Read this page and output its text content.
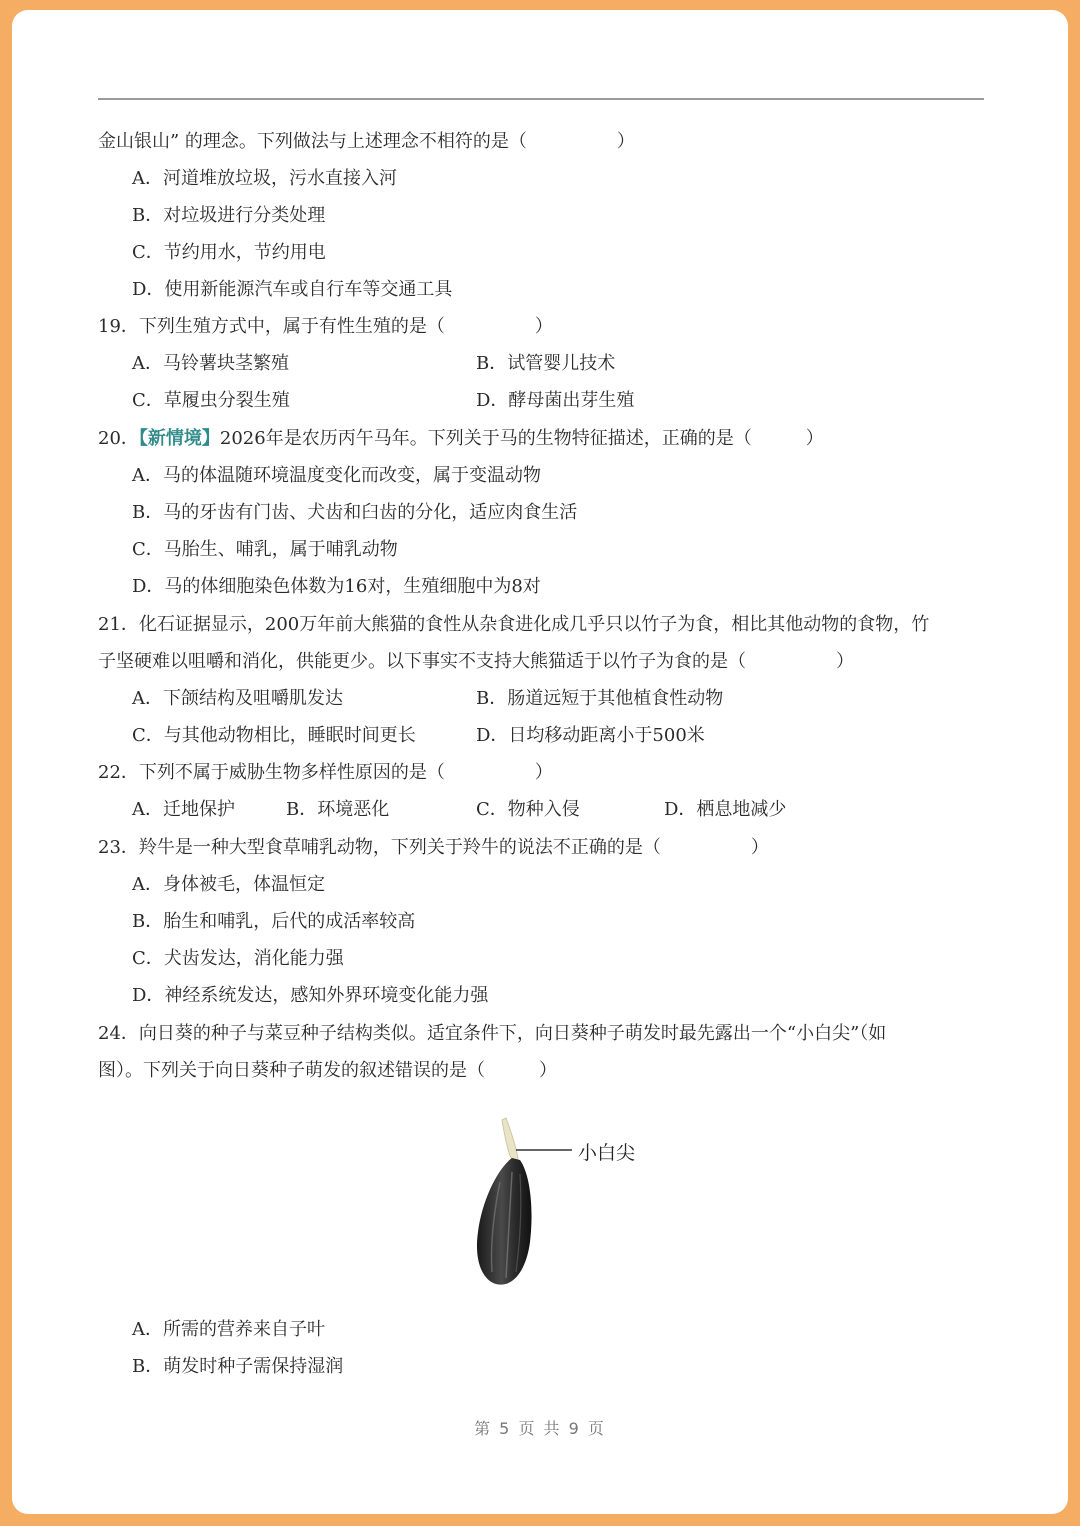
金山银山” 的理念。下列做法与上述理念不相符的是（　　　　　）
A．河道堆放垃圾，污水直接入河
B．对垃圾进行分类处理
C．节约用水，节约用电
D．使用新能源汽车或自行车等交通工具
19．下列生殖方式中，属于有性生殖的是（　　　　　）
A．马铃薯块茎繁殖	B．试管婴儿技术
C．草履虫分裂生殖	D．酵母菌出芽生殖
20．【新情境】2026年是农历丙午马年。下列关于马的生物特征描述，正确的是（　　　）
A．马的体温随环境温度变化而改变，属于变温动物
B．马的牙齿有门齿、犬齿和臼齿的分化，适应肉食生活
C．马胎生、哺乳，属于哺乳动物
D．马的体细胞染色体数为16对，生殖细胞中为8对
21．化石证据显示，200万年前大熊猫的食性从杂食进化成几乎只以竹子为食，相比其他动物的食物，竹
子坚硬难以咀嚼和消化，供能更少。以下事实不支持大熊猫适于以竹子为食的是（　　　　　）
A．下颌结构及咀嚼肌发达	B．肠道远短于其他植食性动物
C．与其他动物相比，睡眠时间更长	D．日均移动距离小于500米
22．下列不属于威胁生物多样性原因的是（　　　　　）
A．迁地保护	B．环境恶化	C．物种入侵	D．栖息地减少
23．羚牛是一种大型食草哺乳动物，下列关于羚牛的说法不正确的是（　　　　　）
A．身体被毛，体温恒定
B．胎生和哺乳，后代的成活率较高
C．犬齿发达，消化能力强
D．神经系统发达，感知外界环境变化能力强
24．向日葵的种子与菜豆种子结构类似。适宜条件下，向日葵种子萌发时最先露出一个“小白尖”（如
图）。下列关于向日葵种子萌发的叙述错误的是（　　　）
小白尖
A．所需的营养来自子叶
B．萌发时种子需保持湿润
第 5 页 共 9 页
